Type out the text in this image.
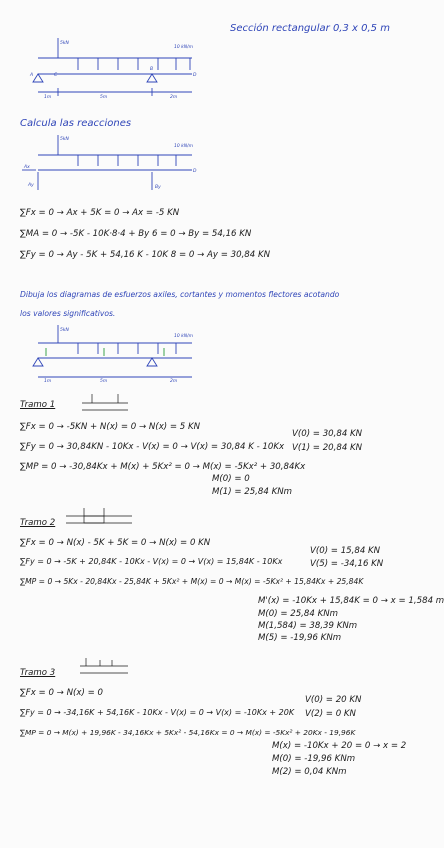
Sección rectangular 0,3 x 0,5 m
5kN
10 kN/m
A	C
B
D
1m	5m	2m
Calcula las reacciones
5kN
10 kN/m
Ax
Ay	By
D
∑Fx = 0 → Ax + 5K = 0 → Ax = -5 KN
∑MA = 0 → -5K - 10K·8·4 + By 6 = 0 → By = 54,16 KN
∑Fy = 0 → Ay - 5K + 54,16 K - 10K 8 = 0 → Ay = 30,84 KN
Dibuja los diagramas de esfuerzos axiles, cortantes y momentos flectores acotando
los valores significativos.
5kN
10 kN/m
1m	5m	2m
Tramo 1
∑Fx = 0 → -5KN + N(x) = 0 → N(x) = 5 KN
∑Fy = 0 → 30,84KN - 10Kx - V(x) = 0 → V(x) = 30,84 K - 10Kx
V(0) = 30,84 KN
V(1) = 20,84 KN
∑MP = 0 → -30,84Kx + M(x) + 5Kx² = 0 → M(x) = -5Kx² + 30,84Kx
M(0) = 0
M(1) = 25,84 KNm
Tramo 2
∑Fx = 0 → N(x) - 5K + 5K = 0 → N(x) = 0 KN
∑Fy = 0 → -5K + 20,84K - 10Kx - V(x) = 0 → V(x) = 15,84K - 10Kx
V(0) = 15,84 KN
V(5) = -34,16 KN
∑MP = 0 → 5Kx - 20,84Kx - 25,84K + 5Kx² + M(x) = 0 → M(x) = -5Kx² + 15,84Kx + 25,84K
M'(x) = -10Kx + 15,84K = 0 → x = 1,584 m
M(0) = 25,84 KNm
M(1,584) = 38,39 KNm
M(5) = -19,96 KNm
Tramo 3
∑Fx = 0 → N(x) = 0
∑Fy = 0 → -34,16K + 54,16K - 10Kx - V(x) = 0 → V(x) = -10Kx + 20K
V(0) = 20 KN
V(2) = 0 KN
∑MP = 0 → M(x) + 19,96K - 34,16Kx + 5Kx² - 54,16Kx = 0 → M(x) = -5Kx² + 20Kx - 19,96K
M(x) = -10Kx + 20 = 0 → x = 2
M(0) = -19,96 KNm
M(2) = 0,04 KNm
